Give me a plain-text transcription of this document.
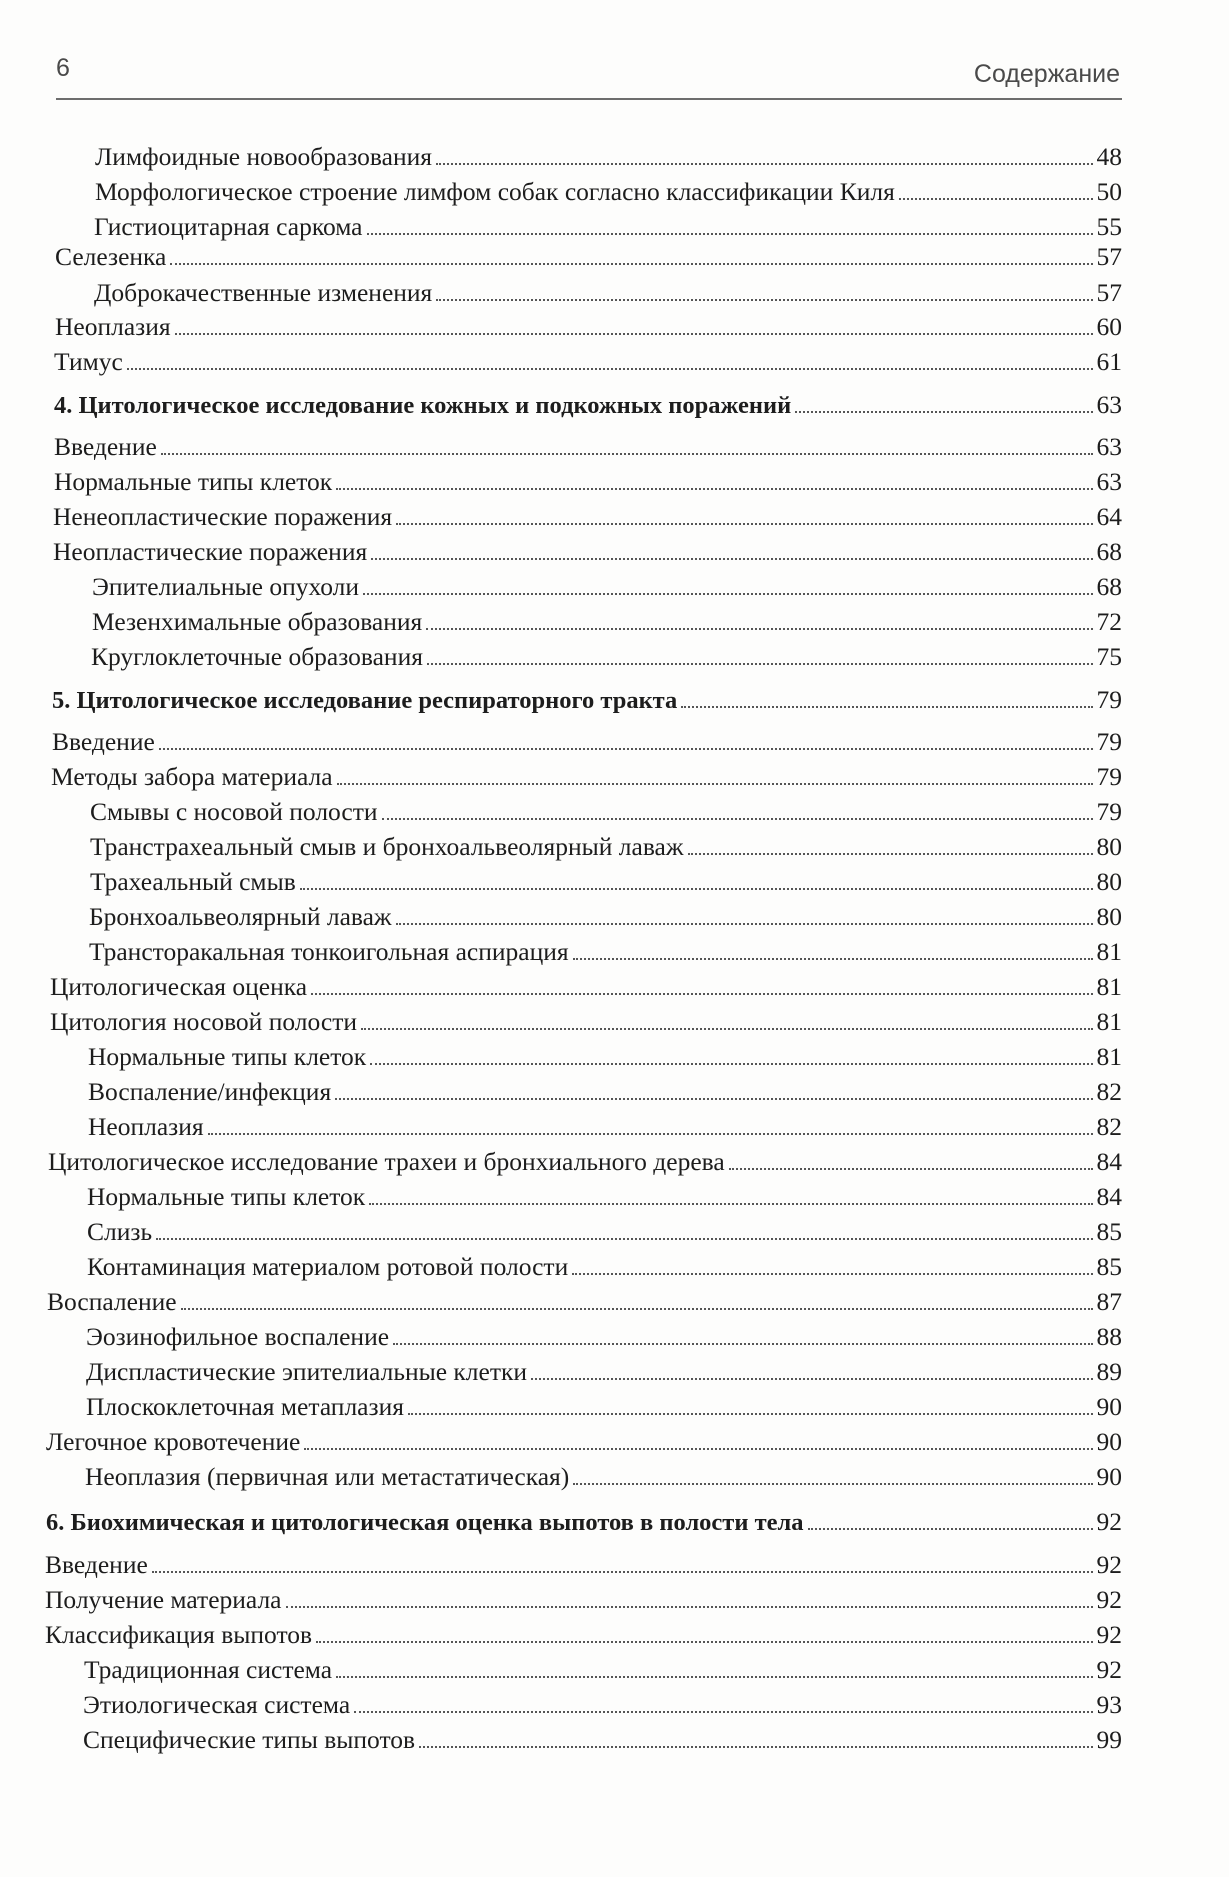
6	Содержание
Лимфоидные новообразования	48
Морфологическое строение лимфом собак согласно классификации Киля	50
Гистиоцитарная саркома	55
Селезенка	57
Доброкачественные изменения	57
Неоплазия	60
Тимус	61
4. Цитологическое исследование кожных и подкожных поражений	63
Введение	63
Нормальные типы клеток	63
Ненеопластические поражения	64
Неопластические поражения	68
Эпителиальные опухоли	68
Мезенхимальные образования	72
Круглоклеточные образования	75
5. Цитологическое исследование респираторного тракта	79
Введение	79
Методы забора материала	79
Смывы с носовой полости	79
Транстрахеальный смыв и бронхоальвеолярный лаваж	80
Трахеальный смыв	80
Бронхоальвеолярный лаваж	80
Трансторакальная тонкоигольная аспирация	81
Цитологическая оценка	81
Цитология носовой полости	81
Нормальные типы клеток	81
Воспаление/инфекция	82
Неоплазия	82
Цитологическое исследование трахеи и бронхиального дерева	84
Нормальные типы клеток	84
Слизь	85
Контаминация материалом ротовой полости	85
Воспаление	87
Эозинофильное воспаление	88
Диспластические эпителиальные клетки	89
Плоскоклеточная метаплазия	90
Легочное кровотечение	90
Неоплазия (первичная или метастатическая)	90
6. Биохимическая и цитологическая оценка выпотов в полости тела	92
Введение	92
Получение материала	92
Классификация выпотов	92
Традиционная система	92
Этиологическая система	93
Специфические типы выпотов	99
